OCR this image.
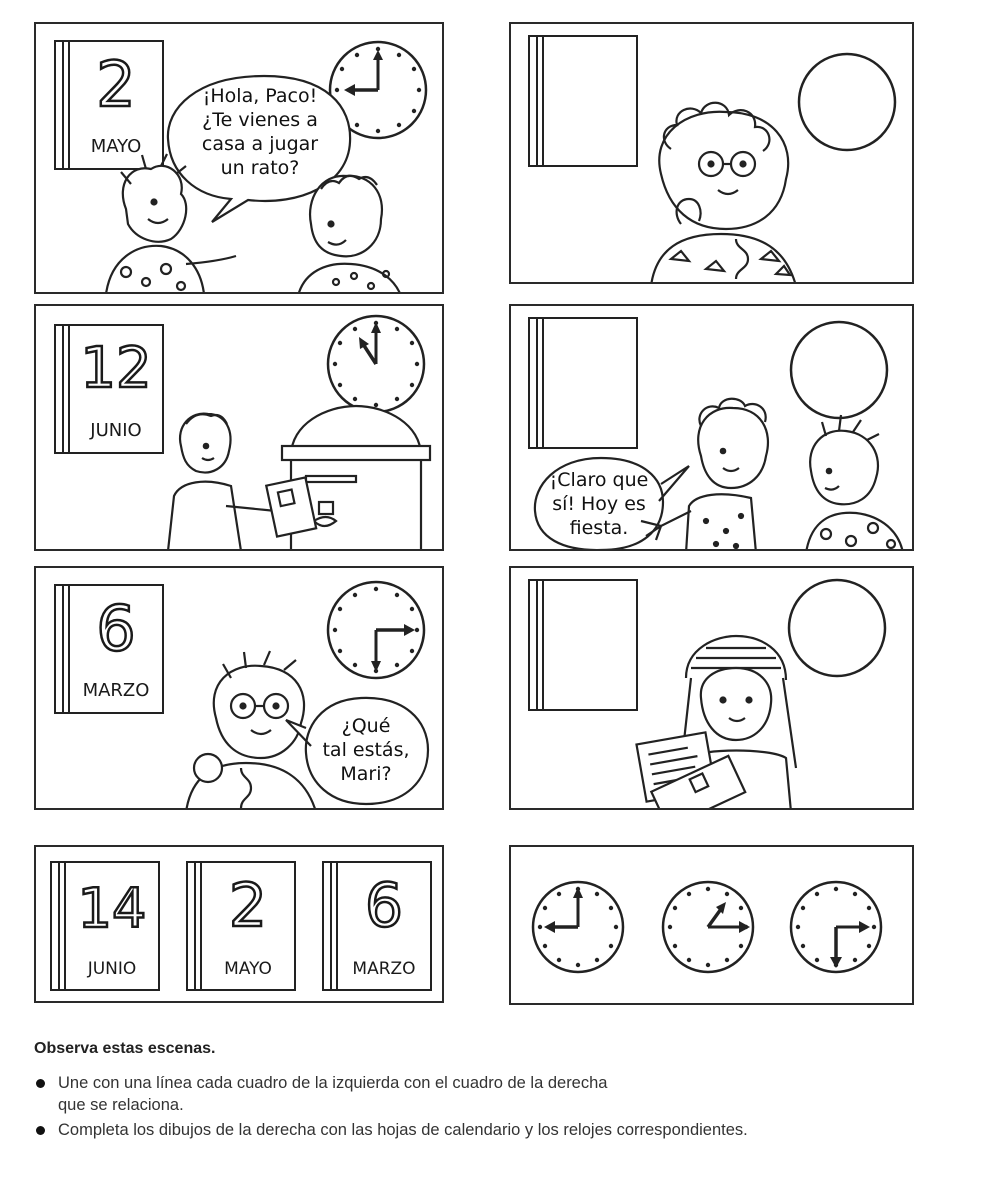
2
MAYO
¡Hola, Paco!
¿Te vienes a
casa a jugar
un rato?
12
JUNIO
6
MARZO
¿Qué
tal estás,
Mari?
¡Claro que
sí! Hoy es
fiesta.
14
JUNIO
2
MAYO
6
MARZO
Observa estas escenas.
Une con una línea cada cuadro de la izquierda con el cuadro de la derecha
que se relaciona.
Completa los dibujos de la derecha con las hojas de calendario y los relojes correspondientes.
